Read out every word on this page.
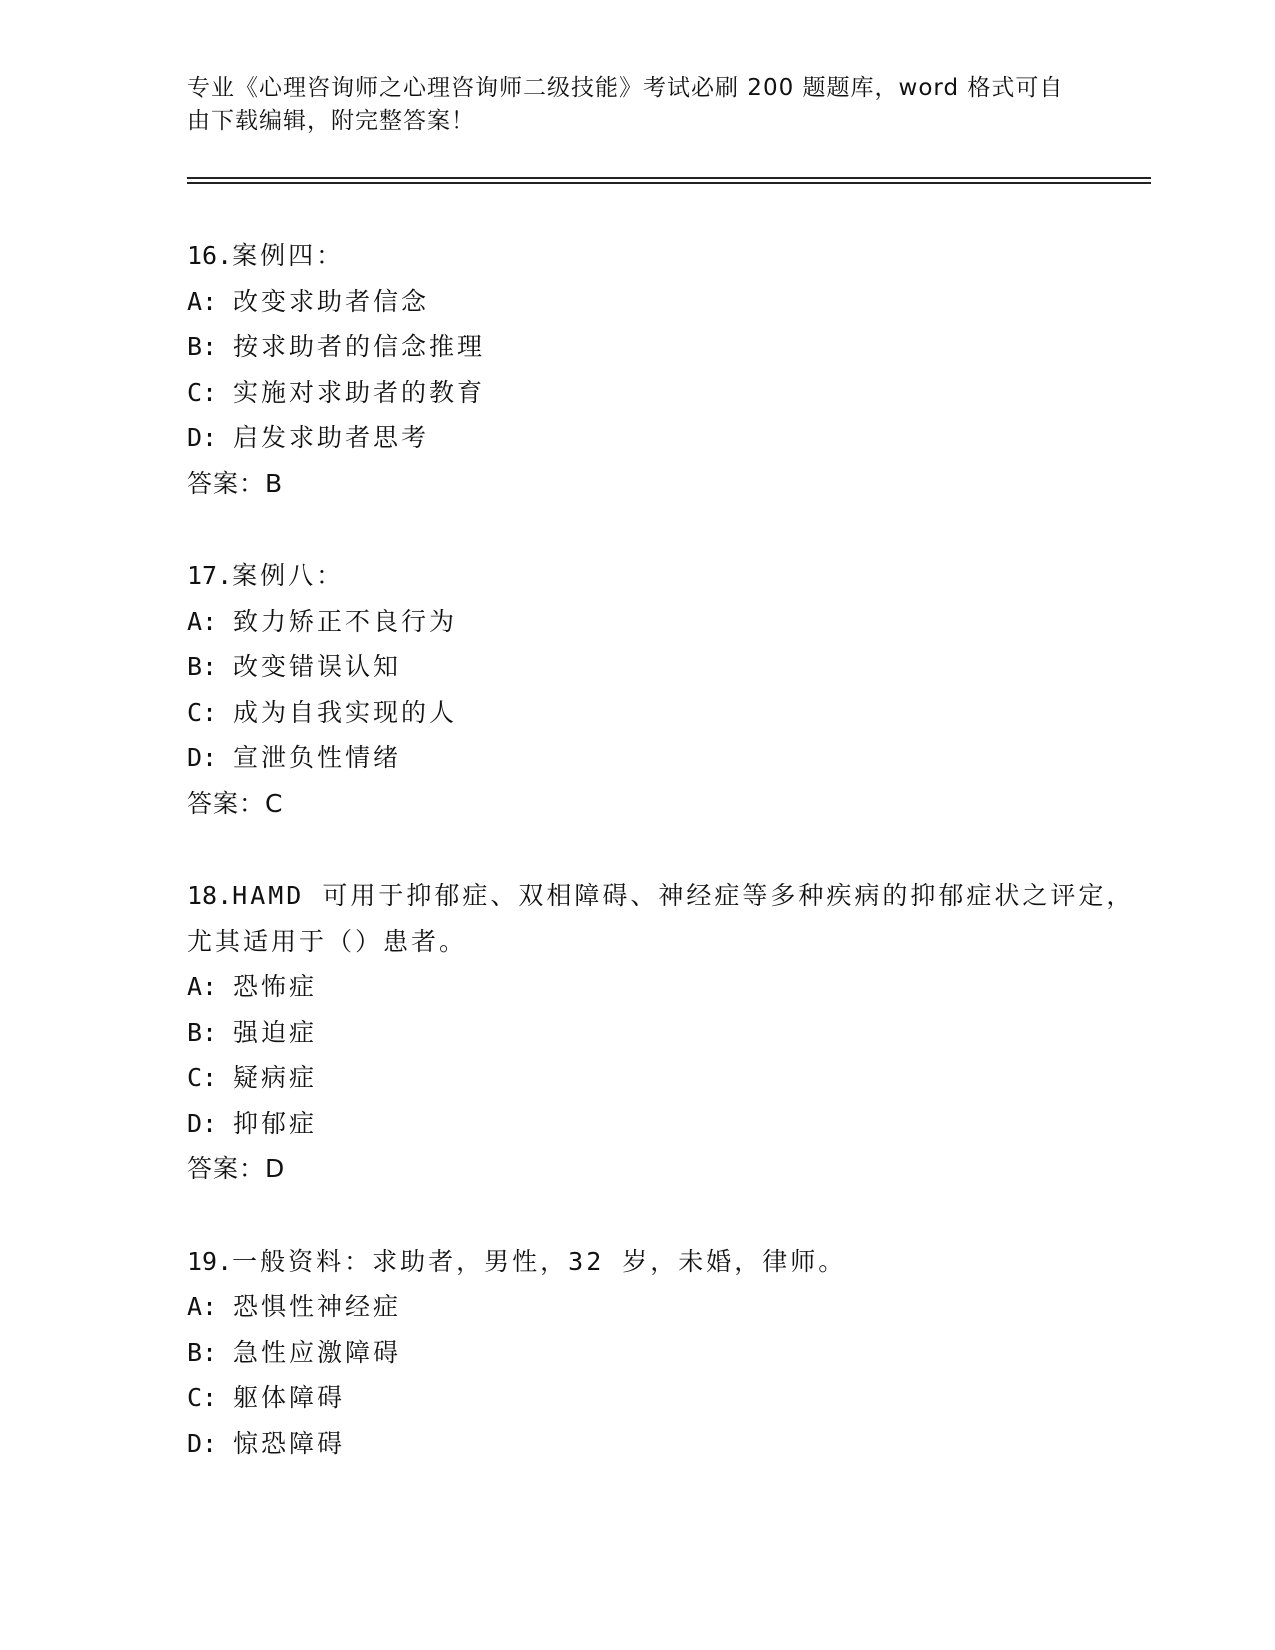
专业《心理咨询师之心理咨询师二级技能》考试必刷 200 题题库，word 格式可自由下载编辑，附完整答案！
16.案例四：
A: 改变求助者信念
B: 按求助者的信念推理
C: 实施对求助者的教育
D: 启发求助者思考
答案：B
17.案例八：
A: 致力矫正不良行为
B: 改变错误认知
C: 成为自我实现的人
D: 宣泄负性情绪
答案：C
18.HAMD 可用于抑郁症、双相障碍、神经症等多种疾病的抑郁症状之评定，尤其适用于（）患者。
A: 恐怖症
B: 强迫症
C: 疑病症
D: 抑郁症
答案：D
19.一般资料：求助者，男性，32 岁，未婚，律师。
A: 恐惧性神经症
B: 急性应激障碍
C: 躯体障碍
D: 惊恐障碍
